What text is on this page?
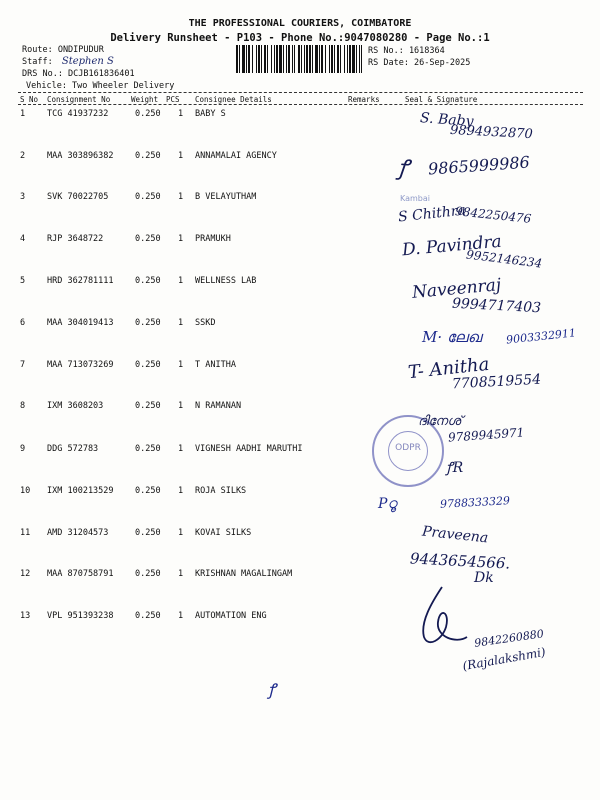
THE PROFESSIONAL COURIERS, COIMBATORE
Delivery Runsheet - P103 - Phone No.:9047080280 - Page No.:1
Route: ONDIPUDUR
Staff: Stephen S
DRS No.: DCJB161836401
Vehicle: Two Wheeler Delivery
RS No.: 1618364
RS Date: 26-Sep-2025
S No Consignment No	Weight PCS Consignee Details	Remarks	Seal & Signature
1	TCG 41937232	0.250 1 BABY S
2	MAA 303896382	0.250 1 ANNAMALAI AGENCY
3	SVK 70022705	0.250 1 B VELAYUTHAM
4	RJP 3648722	0.250 1 PRAMUKH
5	HRD 362781111	0.250 1 WELLNESS LAB
6	MAA 304019413	0.250 1 SSKD
7	MAA 713073269	0.250 1 T ANITHA
8	IXM 3608203	0.250 1 N RAMANAN
9	DDG 572783	0.250 1 VIGNESH AADHI MARUTHI
10 IXM 100213529	0.250 1 ROJA SILKS
11 AMD 31204573	0.250 1 KOVAI SILKS
12 MAA 870758791	0.250 1 KRISHNAN MAGALINGAM
13 VPL 951393238	0.250 1 AUTOMATION ENG
S. Baby
9894932870
ꝭ 9865999986
Kambai
S Chithra
9842250476
D. Pavindra
9952146234
Naveenraj
9994717403
M· ലേഖ 9003332911
T- Anitha
7708519554
ODPR
ദിനേശ്
9789945971
ꝭR
Pഠൂ	9788333329
Praveena
9443654566.
Dk
9842260880
(Rajalakshmi)
ꝭ
